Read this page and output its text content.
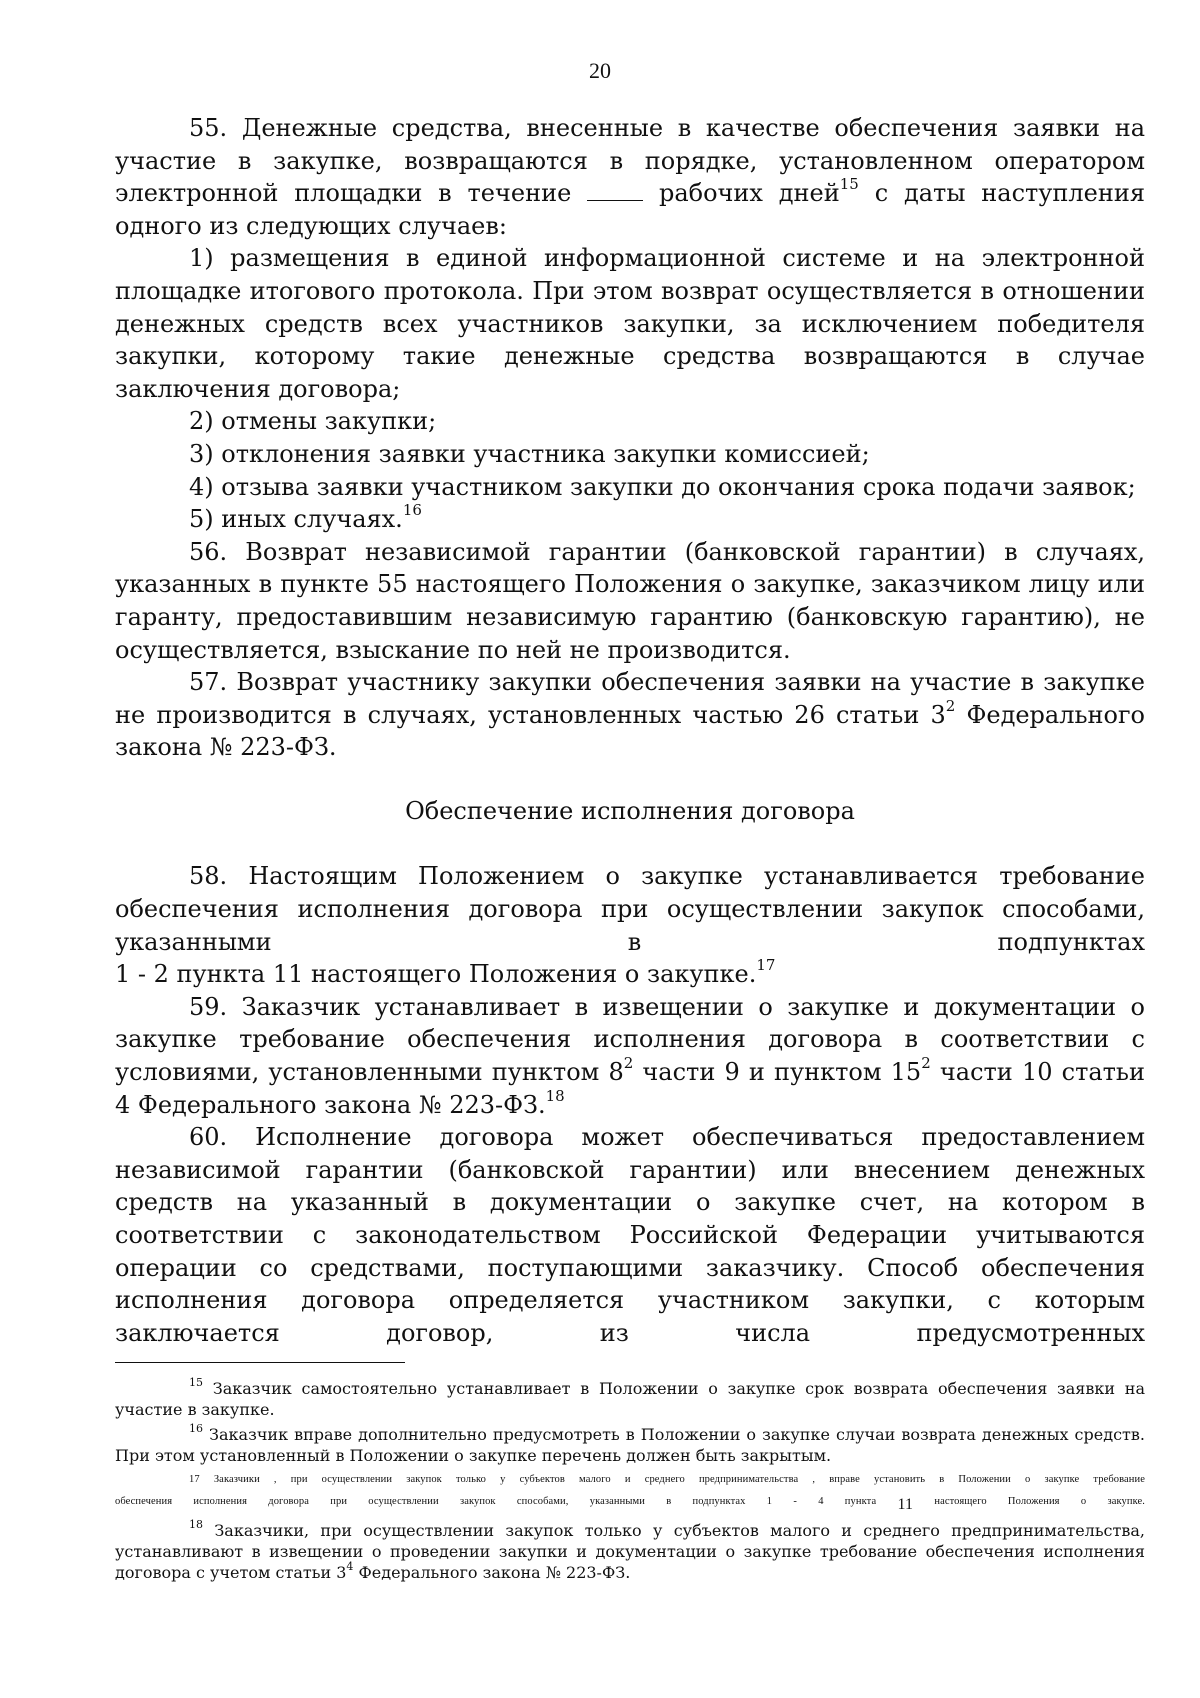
20

55. Денежные средства, внесенные в качестве обеспечения заявки на участие в закупке, возвращаются в порядке, установленном оператором электронной площадки в течение	рабочих дней$^{15}$ с даты наступления одного из следующих случаев:

1) размещения в единой информационной системе и на электронной площадке итогового протокола. При этом возврат осуществляется в отношении денежных средств всех участников закупки, за исключением победителя закупки, которому такие денежные средства возвращаются в случае заключения договора;

2) отмены закупки;

3) отклонения заявки участника закупки комиссией;

4) отзыва заявки участником закупки до окончания срока подачи заявок;

5) иных случаях.$^{16}$

56. Возврат независимой гарантии (банковской гарантии) в случаях, указанных в пункте 55 настоящего Положения о закупке, заказчиком лицу или гаранту, предоставившим независимую гарантию (банковскую гарантию), не осуществляется, взыскание по ней не производится.

57. Возврат участнику закупки обеспечения заявки на участие в закупке не производится в случаях, установленных частью 26 статьи $3^2$ Федерального закона № 223-ФЗ.

Обеспечение исполнения договора

58. Настоящим Положением о закупке устанавливается требование обеспечения исполнения договора при осуществлении закупок способами, указанными в подпунктах
1 - 2 пункта 11 настоящего Положения о закупке.$^{17}$

59. Заказчик устанавливает в извещении о закупке и документации о закупке требование обеспечения исполнения договора в соответствии с условиями, установленными пунктом $8^2$ части 9 и пунктом $15^2$ части 10 статьи 4 Федерального закона № 223-ФЗ.$^{18}$

60. Исполнение договора может обеспечиваться предоставлением независимой гарантии (банковской гарантии) или внесением денежных средств на указанный в документации о закупке счет, на котором в соответствии с законодательством Российской Федерации учитываются операции со средствами, поступающими заказчику. Способ обеспечения исполнения договора определяется участником закупки, с которым заключается договор, из числа предусмотренных

$^{15}$ Заказчик самостоятельно устанавливает в Положении о закупке срок возврата обеспечения заявки на участие в закупке.

$^{16}$ Заказчик вправе дополнительно предусмотреть в Положении о закупке случаи возврата денежных средств. При этом установленный в Положении о закупке перечень должен быть закрытым.

17 Заказчики , при осуществлении закупок только у субъектов малого и среднего предпринимательства , вправе установить в Положении о закупке требование
обеспечения исполнения договора при осуществлении закупок способами, указанными в подпунктах 1 - 4 пункта 11 настоящего Положения о закупке.

$^{18}$ Заказчики, при осуществлении закупок только у субъектов малого и среднего предпринимательства, устанавливают в извещении о проведении закупки и документации о закупке требование обеспечения исполнения договора с учетом статьи $3^4$ Федерального закона № 223-ФЗ.
